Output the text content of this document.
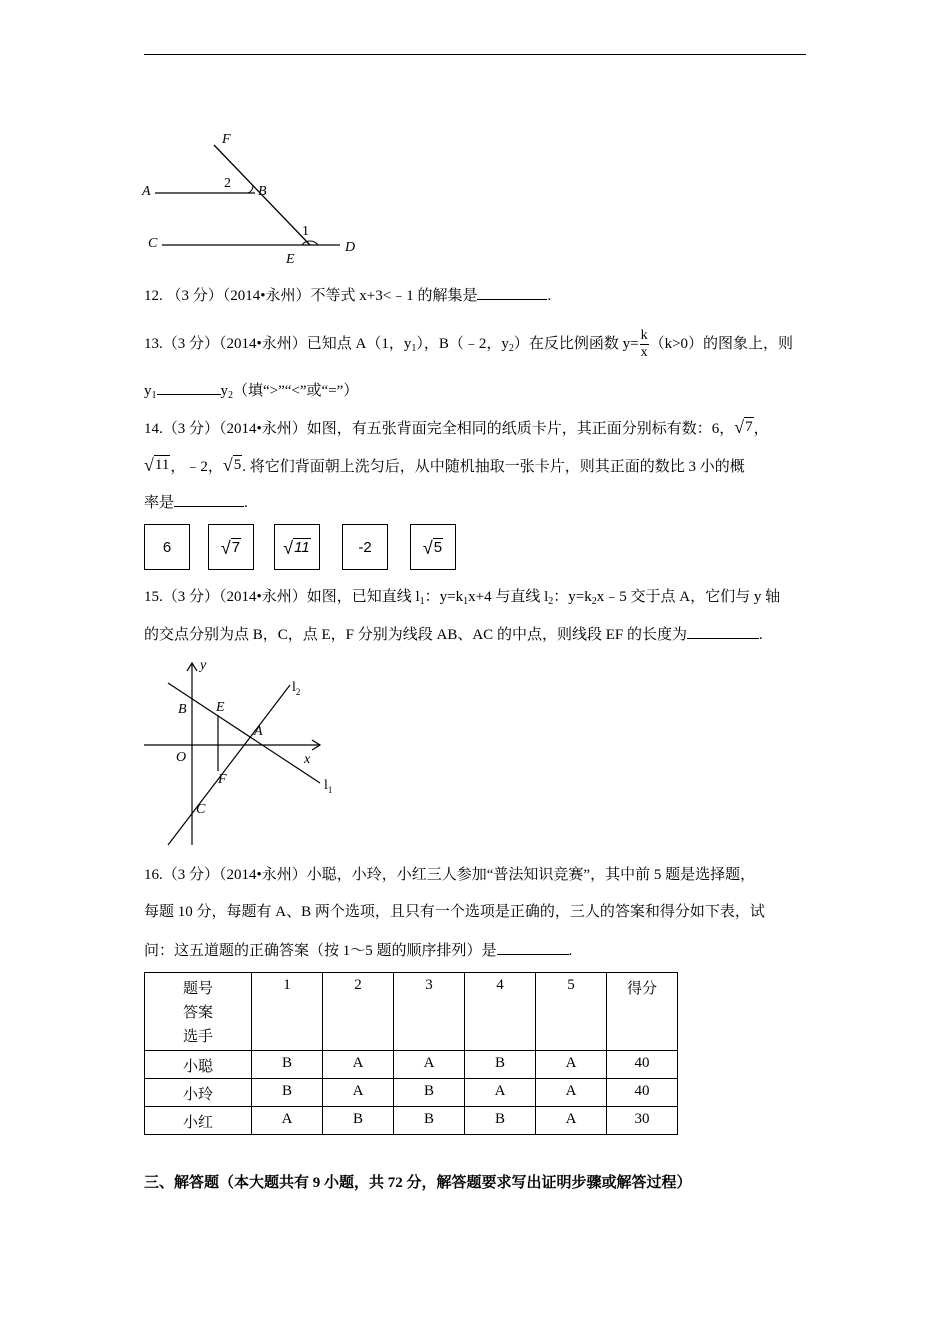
F
A
2
B
C
1
E
D
12. （3 分）（2014•永州）不等式 x+3<﹣1 的解集是	.
13.（3 分）（2014•永州）已知点 A（1，$y_1$），B（﹣2，$y_2$）在反比例函数 $y= \frac{k}{x} (k>0)$的图象上，则
$y_1$	$y_2$（填“>”“<”或“=”）
14.（3 分）（2014•永州）如图，有五张背面完全相同的纸质卡片，其正面分别标有数：6， √ 7 ，
√ 11 ，﹣2， √ 5 . 将它们背面朝上洗匀后，从中随机抽取一张卡片，则其正面的数比 3 小的概
率是	.
6	√ 7 √ 11	-2	√ 5
15.（3 分）（2014•永州）如图，已知直线 $l_1$：$y=k_1x+4$ 与直线 $l_2$：$y=k_2x﹣5$ 交于点 A，它们与 y 轴
的交点分别为点 B，C，点 E，F 分别为线段 AB、AC 的中点，则线段 EF 的长度为	.
y
$l_2$
B E
A
O	x
F	$l_1$
C
16.（3 分）（2014•永州）小聪，小玲，小红三人参加“普法知识竞赛”，其中前 5 题是选择题，
每题 10 分，每题有 A、B 两个选项，且只有一个选项是正确的，三人的答案和得分如下表，试
问：这五道题的正确答案（按 1～5 题的顺序排列）是	.
题号
答案
选手	1	2	3	4	5	得分
小聪	B	A	A	B	A	40
小玲	B	A	B	A	A	40
小红	A	B	B	B	A	30
三、解答题（本大题共有 9 小题，共 72 分，解答题要求写出证明步骤或解答过程）
